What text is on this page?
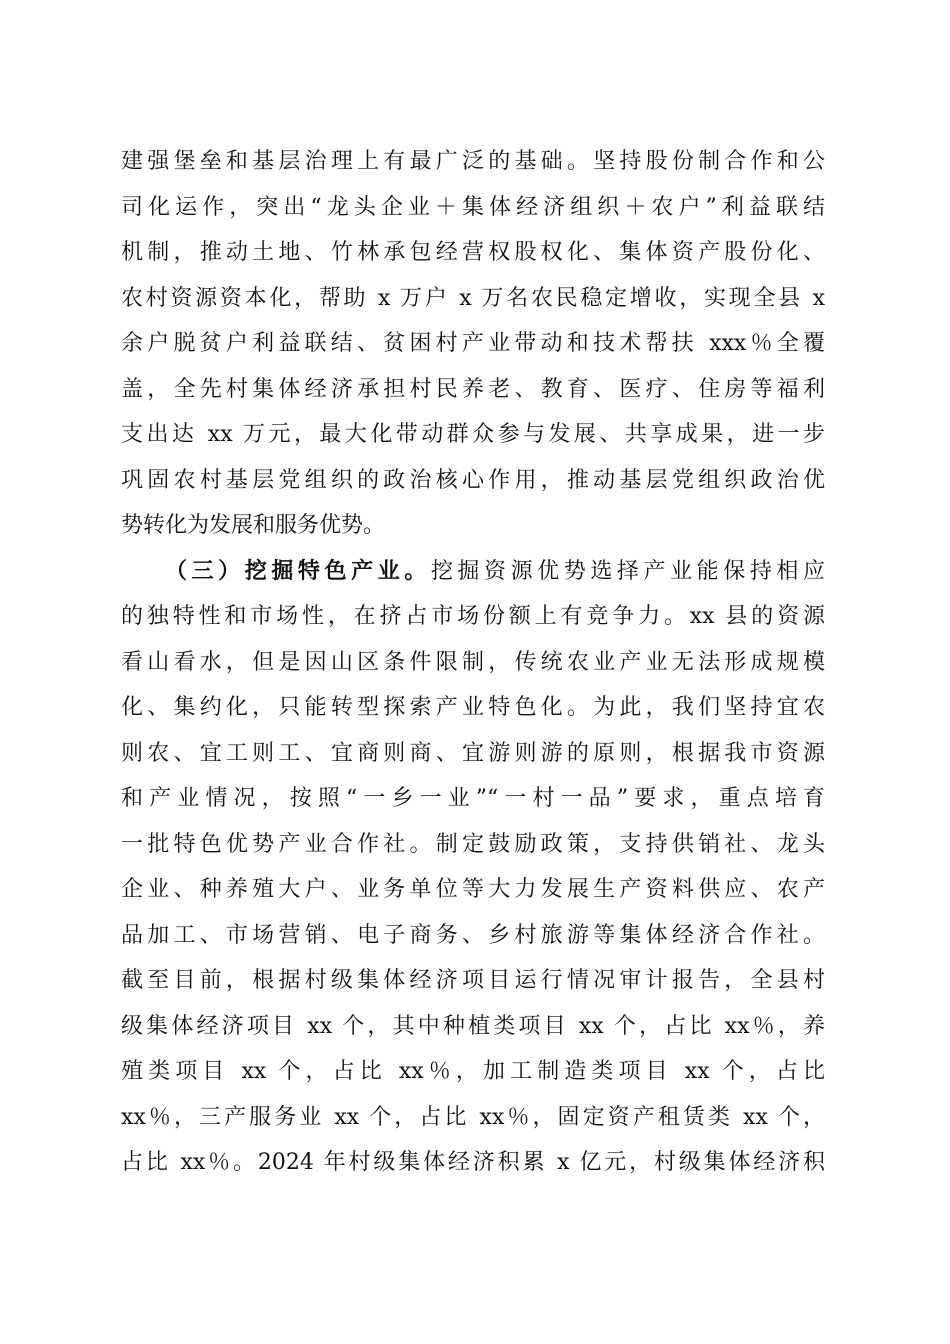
建强堡垒和基层治理上有最广泛的基础。坚持股份制合作和公
司化运作，突出“龙头企业＋集体经济组织＋农户”利益联结
机制，推动土地、竹林承包经营权股权化、集体资产股份化、
农村资源资本化，帮助 x 万户 x 万名农民稳定增收，实现全县 x
余户脱贫户利益联结、贫困村产业带动和技术帮扶 xxx％全覆
盖，全先村集体经济承担村民养老、教育、医疗、住房等福利
支出达 xx 万元，最大化带动群众参与发展、共享成果，进一步
巩固农村基层党组织的政治核心作用，推动基层党组织政治优
势转化为发展和服务优势。
（三）挖掘特色产业。挖掘资源优势选择产业能保持相应
的独特性和市场性，在挤占市场份额上有竞争力。xx 县的资源
看山看水，但是因山区条件限制，传统农业产业无法形成规模
化、集约化，只能转型探索产业特色化。为此，我们坚持宜农
则农、宜工则工、宜商则商、宜游则游的原则，根据我市资源
和产业情况，按照“一乡一业”“一村一品”要求，重点培育
一批特色优势产业合作社。制定鼓励政策，支持供销社、龙头
企业、种养殖大户、业务单位等大力发展生产资料供应、农产
品加工、市场营销、电子商务、乡村旅游等集体经济合作社。
截至目前，根据村级集体经济项目运行情况审计报告，全县村
级集体经济项目 xx 个，其中种植类项目 xx 个，占比 xx％，养
殖类项目 xx 个，占比 xx％，加工制造类项目 xx 个，占比
xx％，三产服务业 xx 个，占比 xx％，固定资产租赁类 xx 个，
占比 xx％。2024 年村级集体经济积累 x 亿元，村级集体经济积
